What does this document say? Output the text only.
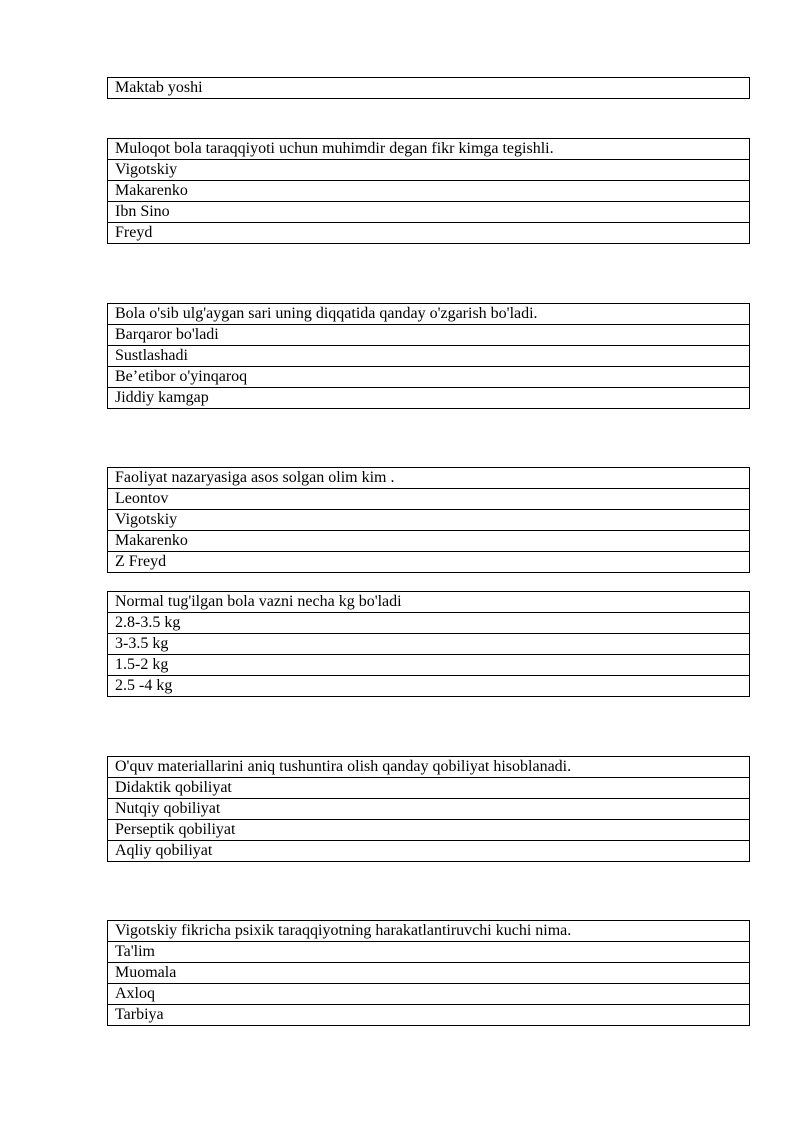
Maktab yoshi
Muloqot bola taraqqiyoti uchun muhimdir degan fikr kimga tegishli.
Vigotskiy
Makarenko
Ibn Sino
Freyd
Bola o'sib ulg'aygan sari uning diqqatida qanday o'zgarish bo'ladi.
Barqaror bo'ladi
Sustlashadi
Be’etibor o'yinqaroq
Jiddiy kamgap
Faoliyat nazaryasiga asos solgan olim kim .
Leontov
Vigotskiy
Makarenko
Z Freyd
Normal tug'ilgan bola vazni necha kg bo'ladi
2.8-3.5 kg
3-3.5 kg
1.5-2 kg
2.5 -4 kg
O'quv materiallarini aniq tushuntira olish qanday qobiliyat hisoblanadi.
Didaktik qobiliyat
Nutqiy qobiliyat
Perseptik qobiliyat
Aqliy qobiliyat
Vigotskiy fikricha psixik taraqqiyotning harakatlantiruvchi kuchi nima.
Ta'lim
Muomala
Axloq
Tarbiya
